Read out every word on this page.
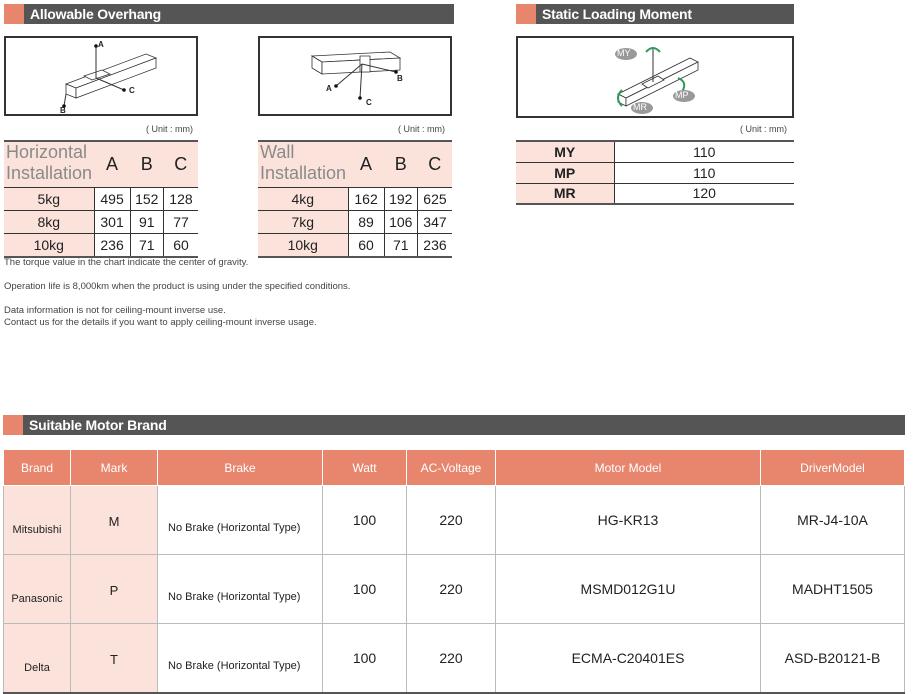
Allowable Overhang
A
C
B
A
B
C
( Unit : mm)	( Unit : mm)
Horizontal Installation	A	B	C
5kg	495	152	128
8kg	301	91	77
10kg	236	71	60
Wall Installation	A	B	C
4kg	162	192	625
7kg	89	106	347
10kg	60	71	236
Static Loading Moment
MY
MR
MP
( Unit : mm)
MY	110
MP	110
MR	120
The torque value in the chart indicate the center of gravity.
Operation life is 8,000km when the product is using under the specified conditions.
Data information is not for ceiling-mount inverse use.
Contact us for the details if you want to apply ceiling-mount inverse usage.
Suitable Motor Brand
Brand	Mark	Brake	Watt	AC-Voltage	Motor Model	DriverModel
Mitsubishi	M	No Brake (Horizontal Type)	100	220	HG-KR13	MR-J4-10A
Panasonic	P	No Brake (Horizontal Type)	100	220	MSMD012G1U	MADHT1505
Delta	T	No Brake (Horizontal Type)	100	220	ECMA-C20401ES	ASD-B20121-B
